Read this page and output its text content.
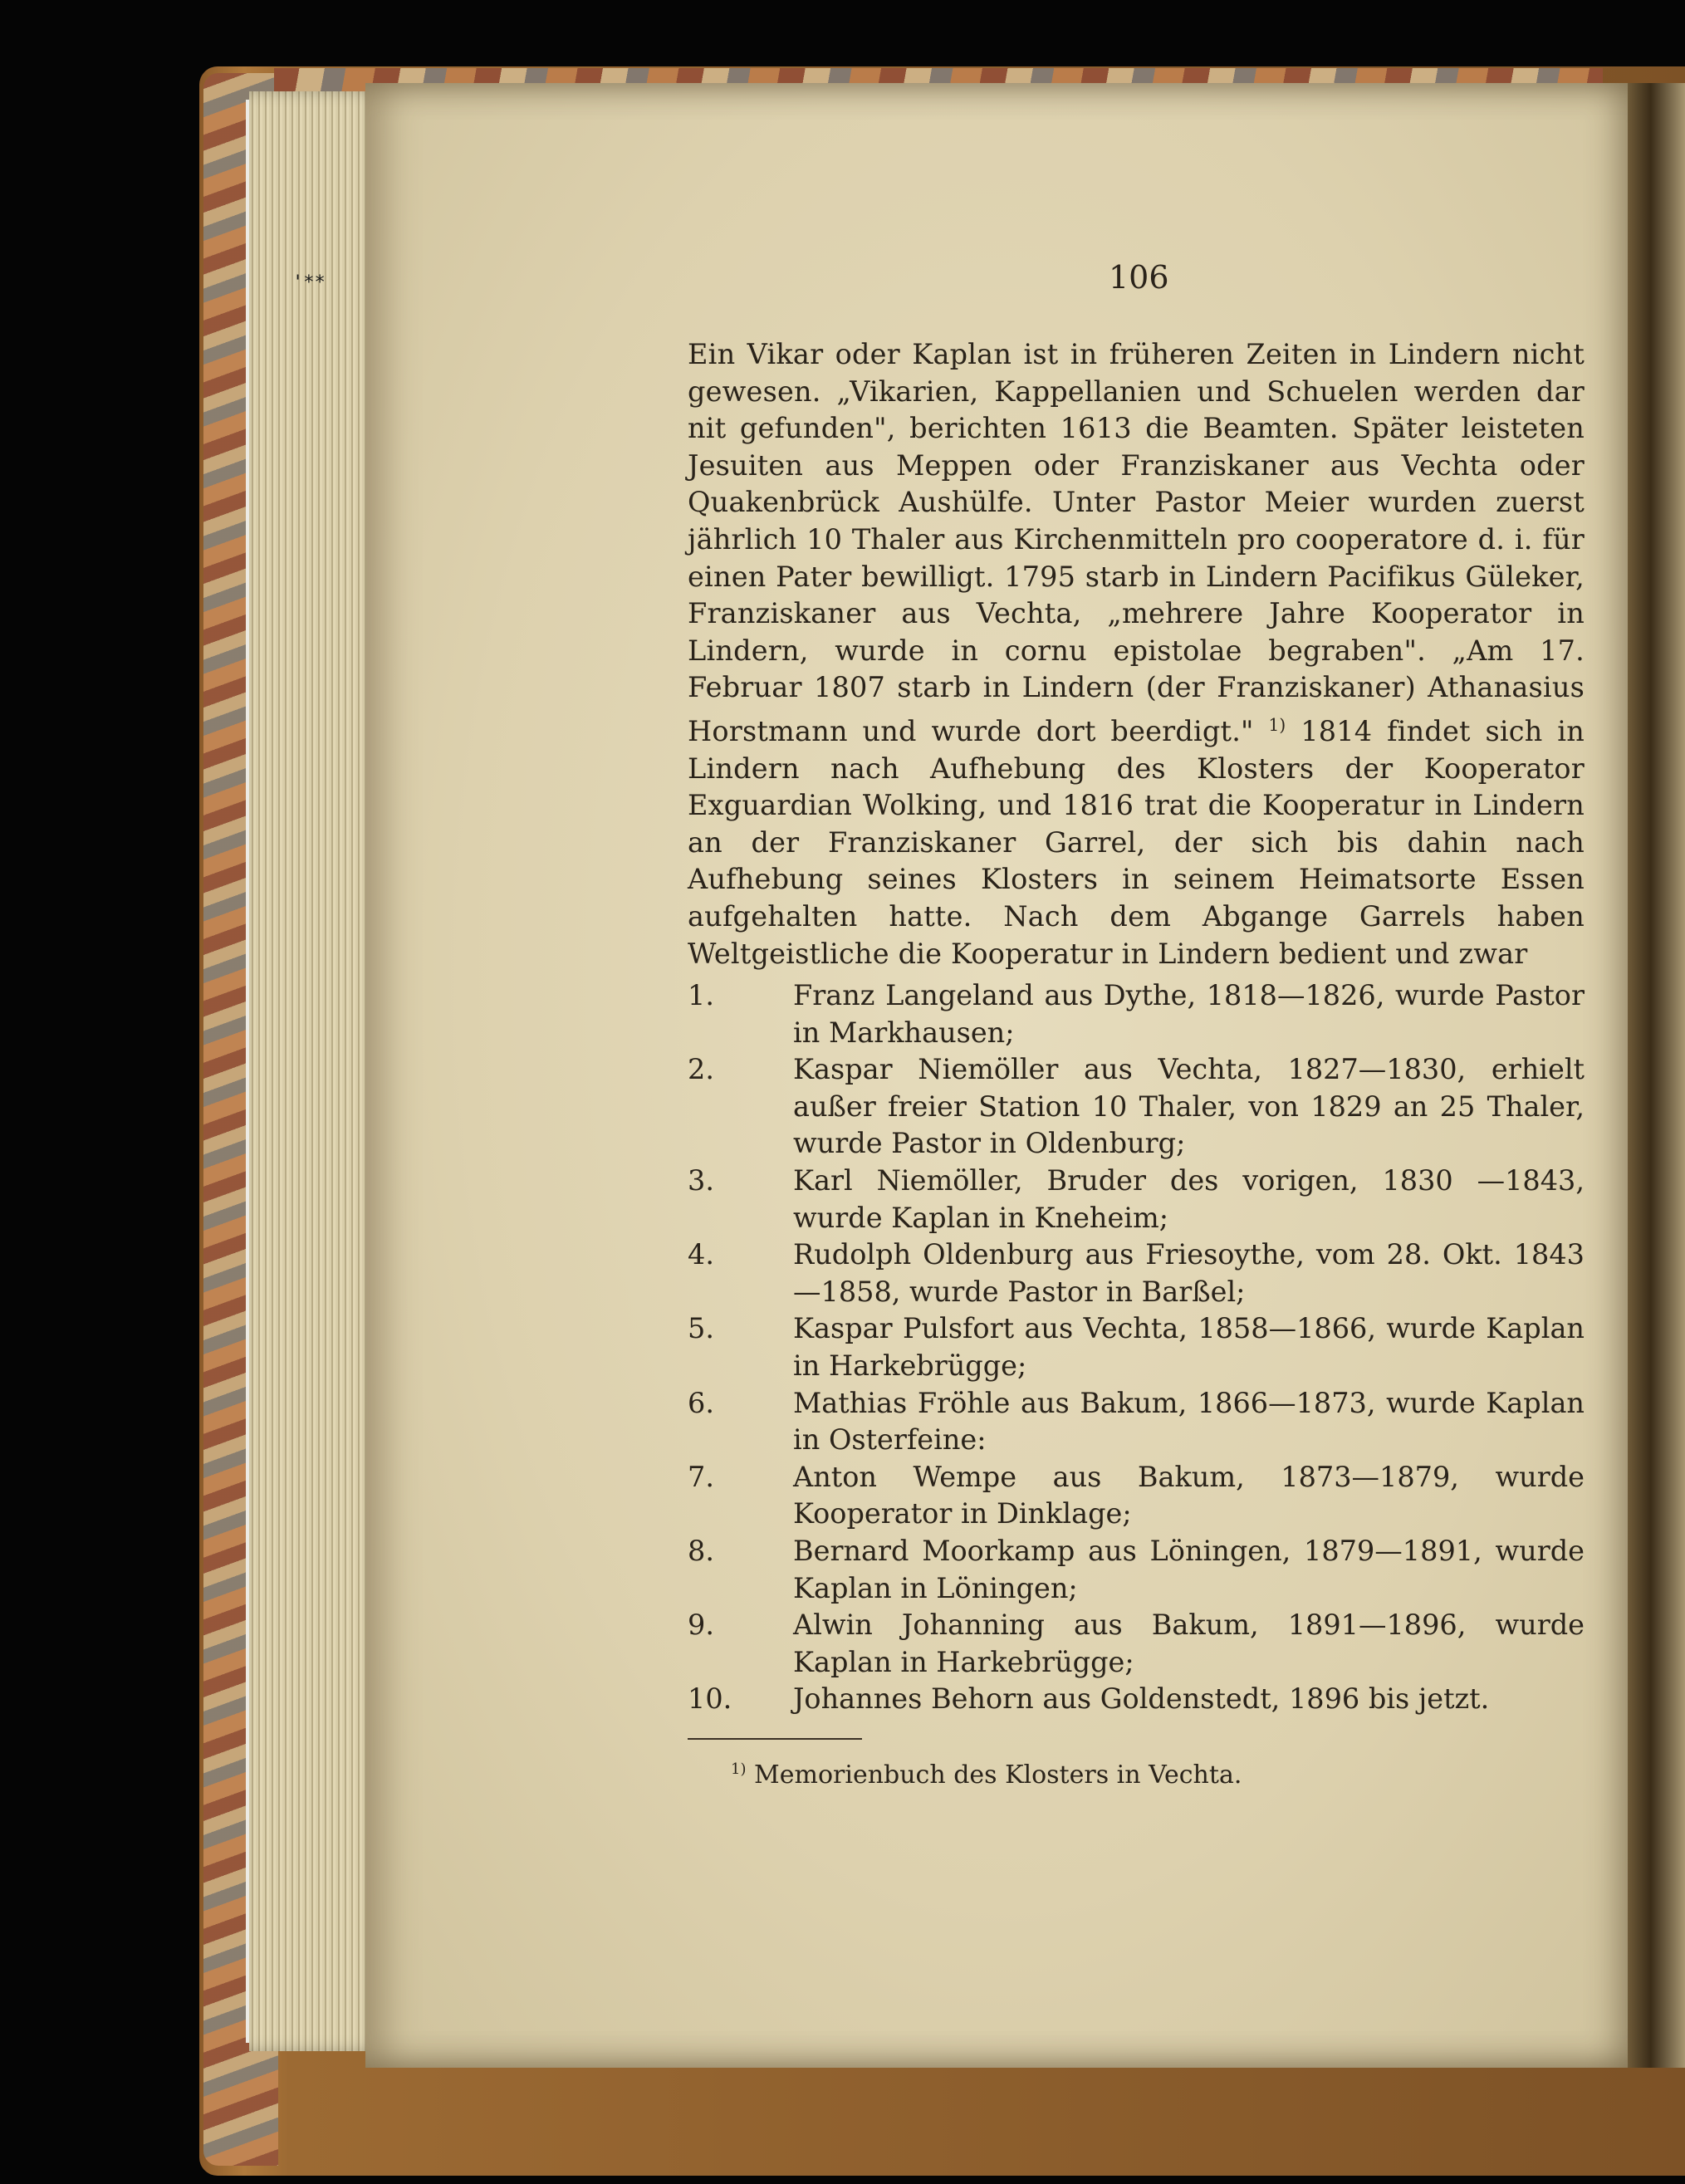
'**	106
Ein Vikar oder Kaplan ist in früheren Zeiten in Lindern nicht gewesen. „Vikarien, Kappellanien und Schuelen werden dar nit gefunden", berichten 1613 die Beamten. Später leisteten Jesuiten aus Meppen oder Franziskaner aus Vechta oder Quakenbrück Aushülfe. Unter Pastor Meier wurden zuerst jährlich 10 Thaler aus Kirchenmitteln pro cooperatore d. i. für einen Pater bewilligt. 1795 starb in Lindern Pacifikus Güleker, Franziskaner aus Vechta, „mehrere Jahre Kooperator in Lindern, wurde in cornu epistolae begraben". „Am 17. Februar 1807 starb in Lindern (der Franziskaner) Athanasius Horstmann und wurde dort beerdigt." $^{1)}$ 1814 findet sich in Lindern nach Aufhebung des Klosters der Kooperator Exguardian Wolking, und 1816 trat die Kooperatur in Lindern an der Franziskaner Garrel, der sich bis dahin nach Aufhebung seines Klosters in seinem Heimatsorte Essen aufgehalten hatte. Nach dem Abgange Garrels haben Weltgeistliche die Kooperatur in Lindern bedient und zwar
1.	Franz Langeland aus Dythe, 1818—1826, wurde Pastor in Markhausen;
2.	Kaspar Niemöller aus Vechta, 1827—1830, erhielt außer freier Station 10 Thaler, von 1829 an 25 Thaler, wurde Pastor in Oldenburg;
3.	Karl Niemöller, Bruder des vorigen, 1830 —1843, wurde Kaplan in Kneheim;
4.	Rudolph Oldenburg aus Friesoythe, vom 28. Okt. 1843—1858, wurde Pastor in Barßel;
5.	Kaspar Pulsfort aus Vechta, 1858—1866, wurde Kaplan in Harkebrügge;
6.	Mathias Fröhle aus Bakum, 1866—1873, wurde Kaplan in Osterfeine:
7.	Anton Wempe aus Bakum, 1873—1879, wurde Kooperator in Dinklage;
8.	Bernard Moorkamp aus Löningen, 1879—1891, wurde Kaplan in Löningen;
9.	Alwin Johanning aus Bakum, 1891—1896, wurde Kaplan in Harkebrügge;
10.	Johannes Behorn aus Goldenstedt, 1896 bis jetzt.
$^{1)}$ Memorienbuch des Klosters in Vechta.
